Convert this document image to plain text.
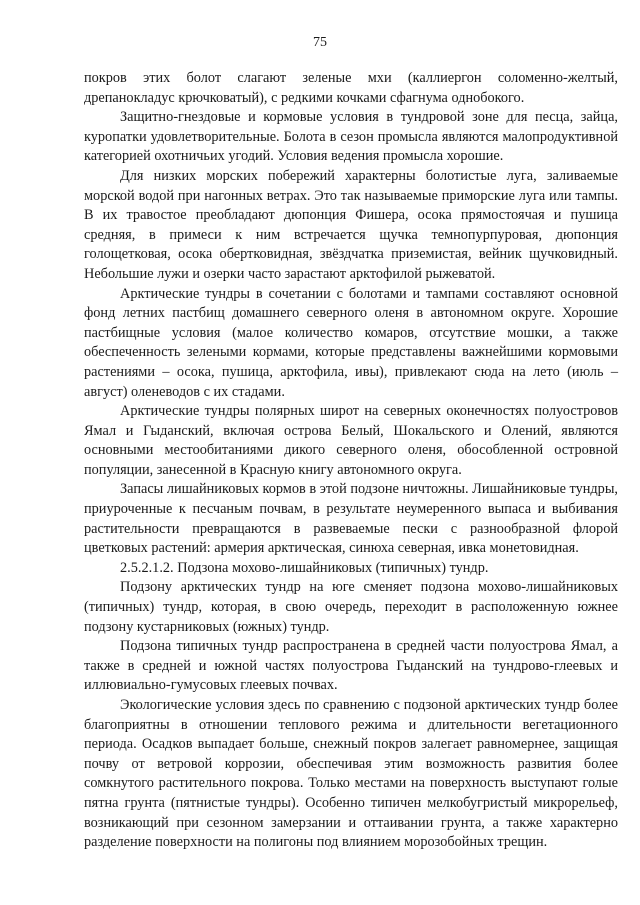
75

покров этих болот слагают зеленые мхи (каллиергон соломенно-желтый, дрепанокладус крючковатый), с редкими кочками сфагнума однобокого.

Защитно-гнездовые и кормовые условия в тундровой зоне для песца, зайца, куропатки удовлетворительные. Болота в сезон промысла являются малопродуктивной категорией охотничьих угодий. Условия ведения промысла хорошие.

Для низких морских побережий характерны болотистые луга, заливаемые морской водой при нагонных ветрах. Это так называемые приморские луга или тампы. В их травостое преобладают дюпонция Фишера, осока прямостоячая и пушица средняя, в примеси к ним встречается щучка темнопурпуровая, дюпонция голощетковая, осока обертковидная, звёздчатка приземистая, вейник щучковидный. Небольшие лужи и озерки часто зарастают арктофилой рыжеватой.

Арктические тундры в сочетании с болотами и тампами составляют основной фонд летних пастбищ домашнего северного оленя в автономном округе. Хорошие пастбищные условия (малое количество комаров, отсутствие мошки, а также обеспеченность зелеными кормами, которые представлены важнейшими кормовыми растениями – осока, пушица, арктофила, ивы), привлекают сюда на лето (июль – август) оленеводов с их стадами.

Арктические тундры полярных широт на северных оконечностях полуостровов Ямал и Гыданский, включая острова Белый, Шокальского и Олений, являются основными местообитаниями дикого северного оленя, обособленной островной популяции, занесенной в Красную книгу автономного округа.

Запасы лишайниковых кормов в этой подзоне ничтожны. Лишайниковые тундры, приуроченные к песчаным почвам, в результате неумеренного выпаса и выбивания растительности превращаются в развеваемые пески с разнообразной флорой цветковых растений: армерия арктическая, синюха северная, ивка монетовидная.

2.5.2.1.2. Подзона мохово-лишайниковых (типичных) тундр.

Подзону арктических тундр на юге сменяет подзона мохово-лишайниковых (типичных) тундр, которая, в свою очередь, переходит в расположенную южнее подзону кустарниковых (южных) тундр.

Подзона типичных тундр распространена в средней части полуострова Ямал, а также в средней и южной частях полуострова Гыданский на тундрово-глеевых и иллювиально-гумусовых глеевых почвах.

Экологические условия здесь по сравнению с подзоной арктических тундр более благоприятны в отношении теплового режима и длительности вегетационного периода. Осадков выпадает больше, снежный покров залегает равномернее, защищая почву от ветровой коррозии, обеспечивая этим возможность развития более сомкнутого растительного покрова. Только местами на поверхность выступают голые пятна грунта (пятнистые тундры). Особенно типичен мелкобугристый микрорельеф, возникающий при сезонном замерзании и оттаивании грунта, а также характерно разделение поверхности на полигоны под влиянием морозобойных трещин.
